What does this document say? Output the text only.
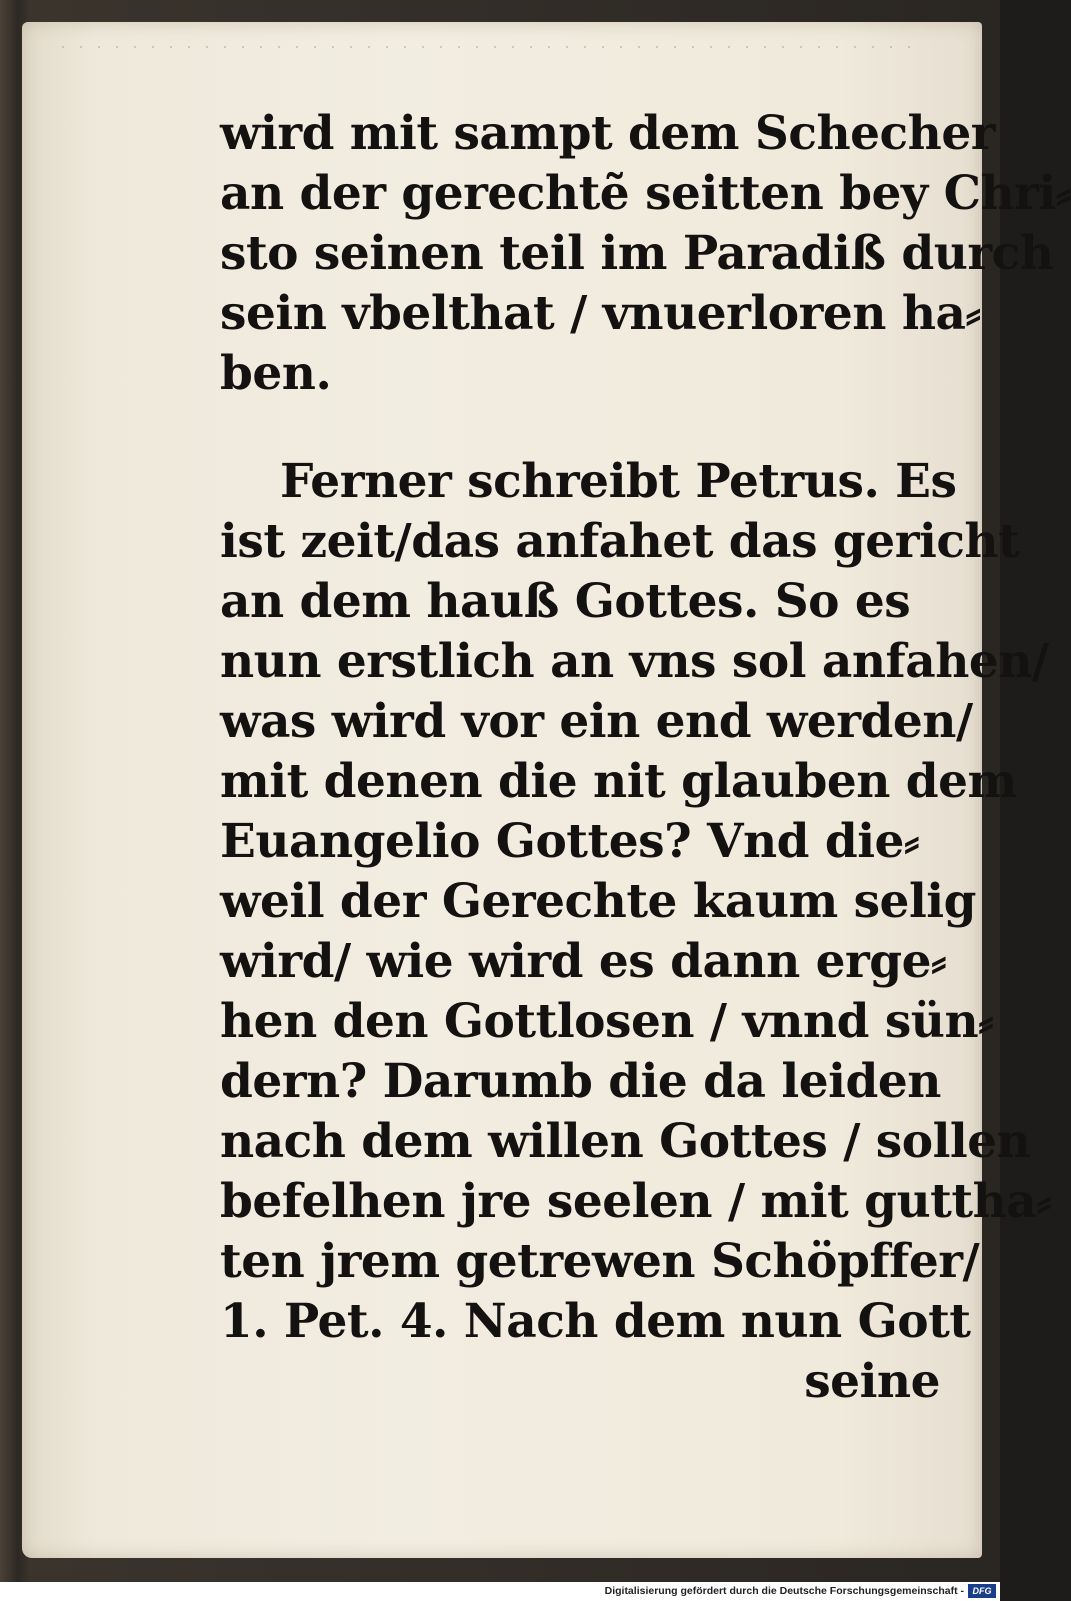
wird mit sampt dem Schecher
an der gerechtẽ seitten bey Chri⸗
sto seinen teil im Paradiß durch
sein vbelthat / vnuerloren ha⸗
ben.
Ferner schreibt Petrus. Es
ist zeit/das anfahet das gericht
an dem hauß Gottes. So es
nun erstlich an vns sol anfahen/
was wird vor ein end werden/
mit denen die nit glauben dem
Euangelio Gottes? Vnd die⸗
weil der Gerechte kaum selig
wird/ wie wird es dann erge⸗
hen den Gottlosen / vnnd sün⸗
dern? Darumb die da leiden
nach dem willen Gottes / sollen
befelhen jre seelen / mit guttha⸗
ten jrem getrewen Schöpffer/
1. Pet. 4. Nach dem nun Gott
seine
Digitalisierung gefördert durch die Deutsche Forschungsgemeinschaft - DFG
